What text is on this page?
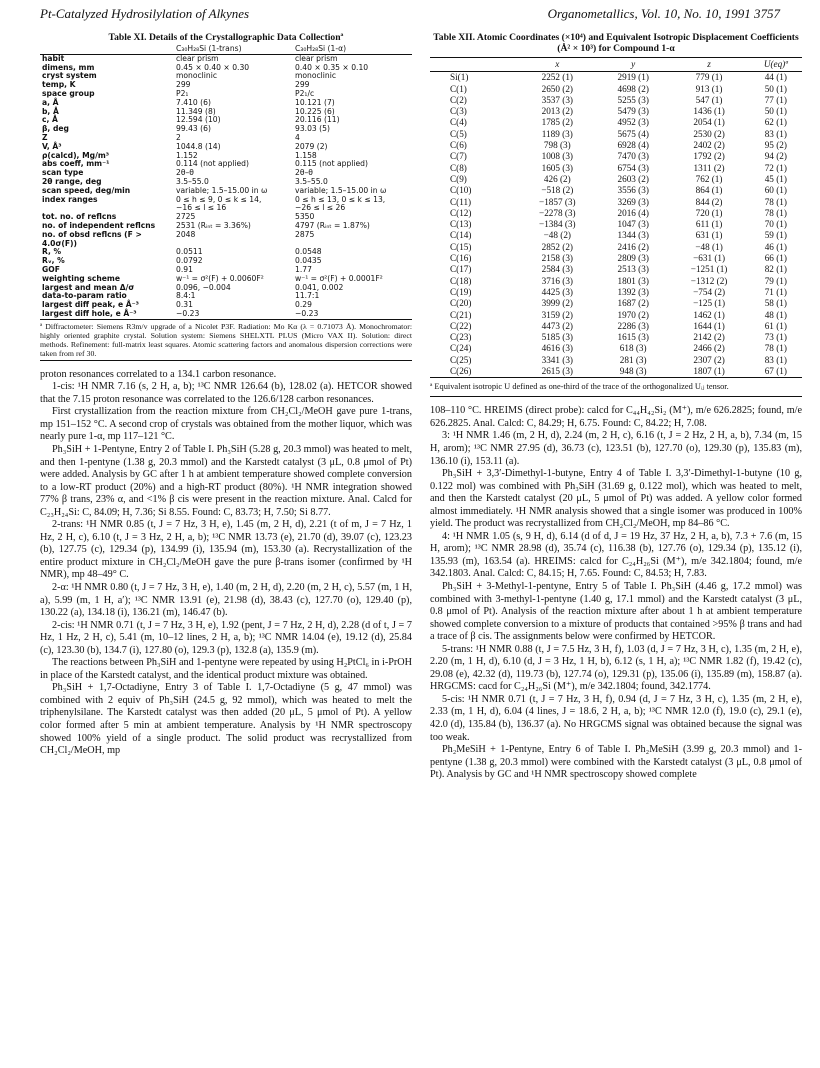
Pt-Catalyzed Hydrosilylation of Alkynes	Organometallics, Vol. 10, No. 10, 1991 3757
Table XI. Details of the Crystallographic Data Collectionª
	C₃₀H₂₈Si (1-trans)	C₃₀H₂₈Si (1-α)
habit	clear prism	clear prism
dimens, mm	0.45 × 0.40 × 0.30	0.40 × 0.35 × 0.10
cryst system	monoclinic	monoclinic
temp, K	299	299
space group	P2₁	P2₁/c
a, Å	7.410 (6)	10.121 (7)
b, Å	11.349 (8)	10.225 (6)
c, Å	12.594 (10)	20.116 (11)
β, deg	99.43 (6)	93.03 (5)
Z	2	4
V, Å³	1044.8 (14)	2079 (2)
ρ(calcd), Mg/m³	1.152	1.158
abs coeff, mm⁻¹	0.114 (not applied)	0.115 (not applied)
scan type	2θ–θ	2θ–θ
2θ range, deg	3.5–55.0	3.5–55.0
scan speed, deg/min	variable; 1.5–15.00 in ω	variable; 1.5–15.00 in ω
index ranges	0 ≤ h ≤ 9, 0 ≤ k ≤ 14,	0 ≤ h ≤ 13, 0 ≤ k ≤ 13,
	−16 ≤ l ≤ 16	−26 ≤ l ≤ 26
tot. no. of reflcns	2725	5350
no. of independent reflcns	2531 (Rᵢₙₜ = 3.36%)	4797 (Rᵢₙₜ = 1.87%)
no. of obsd reflcns (F > 4.0σ(F))	2048	2875
R, %	0.0511	0.0548
Rᵥ, %	0.0792	0.0435
GOF	0.91	1.77
weighting scheme	w⁻¹ = σ²(F) + 0.0060F²	w⁻¹ = σ²(F) + 0.0001F²
largest and mean Δ/σ	0.096, −0.004	0.041, 0.002
data-to-param ratio	8.4:1	11.7:1
largest diff peak, e Å⁻³	0.31	0.29
largest diff hole, e Å⁻³	−0.23	−0.23
ª Diffractometer: Siemens R3m/v upgrade of a Nicolet P3F. Radiation: Mo Kα (λ = 0.71073 Å). Monochromator: highly oriented graphite crystal. Solution system: Siemens SHELXTL PLUS (Micro VAX II). Solution: direct methods. Refinement: full-matrix least squares. Atomic scattering factors and anomalous dispersion corrections were taken from ref 30.

proton resonances correlated to a 134.1 carbon resonance.

1-cis: ¹H NMR 7.16 (s, 2 H, a, b); ¹³C NMR 126.64 (b), 128.02 (a). HETCOR showed that the 7.15 proton resonance was correlated to the 126.6/128 carbon resonances.

First crystallization from the reaction mixture from CH₂Cl₂/MeOH gave pure 1-trans, mp 151–152 °C. A second crop of crystals was obtained from the mother liquor, which was nearly pure 1-α, mp 117–121 °C.

Ph₃SiH + 1-Pentyne, Entry 2 of Table I. Ph₃SiH (5.28 g, 20.3 mmol) was heated to melt, and then 1-pentyne (1.38 g, 20.3 mmol) and the Karstedt catalyst (3 μL, 0.8 μmol of Pt) were added. Analysis by GC after 1 h at ambient temperature showed complete conversion to a low-RT product (20%) and a high-RT product (80%). ¹H NMR integration showed 77% β trans, 23% α, and <1% β cis were present in the reaction mixture. Anal. Calcd for C₂₃H₂₄Si: C, 84.09; H, 7.36; Si 8.55. Found: C, 83.73; H, 7.50; Si 8.77.

2-trans: ¹H NMR 0.85 (t, J = 7 Hz, 3 H, e), 1.45 (m, 2 H, d), 2.21 (t of m, J = 7 Hz, 1 Hz, 2 H, c), 6.10 (t, J = 3 Hz, 2 H, a, b); ¹³C NMR 13.73 (e), 21.70 (d), 39.07 (c), 123.23 (b), 127.75 (c), 129.34 (p), 134.99 (i), 135.94 (m), 153.30 (a). Recrystallization of the entire product mixture in CH₂Cl₂/MeOH gave the pure β-trans isomer (confirmed by ¹H NMR), mp 48–49° C.

2-α: ¹H NMR 0.80 (t, J = 7 Hz, 3 H, e), 1.40 (m, 2 H, d), 2.20 (m, 2 H, c), 5.57 (m, 1 H, a), 5.99 (m, 1 H, a′); ¹³C NMR 13.91 (e), 21.98 (d), 38.43 (c), 127.70 (o), 129.40 (p), 130.22 (a), 134.18 (i), 136.21 (m), 146.47 (b).

2-cis: ¹H NMR 0.71 (t, J = 7 Hz, 3 H, e), 1.92 (pent, J = 7 Hz, 2 H, d), 2.28 (d of t, J = 7 Hz, 1 Hz, 2 H, c), 5.41 (m, 10–12 lines, 2 H, a, b); ¹³C NMR 14.04 (e), 19.12 (d), 25.84 (c), 123.30 (b), 134.7 (i), 127.80 (o), 129.3 (p), 132.8 (a), 135.9 (m).

The reactions between Ph₃SiH and 1-pentyne were repeated by using H₂PtCl₆ in i-PrOH in place of the Karstedt catalyst, and the identical product mixture was obtained.

Ph₃SiH + 1,7-Octadiyne, Entry 3 of Table I. 1,7-Octadiyne (5 g, 47 mmol) was combined with 2 equiv of Ph₃SiH (24.5 g, 92 mmol), which was heated to melt the triphenylsilane. The Karstedt catalyst was then added (20 μL, 5 μmol of Pt). A yellow color formed after 5 min at ambient temperature. Analysis by ¹H NMR spectroscopy showed 100% yield of a single product. The solid product was recrystallized from CH₂Cl₂/MeOH, mp

Table XII. Atomic Coordinates (×10⁴) and Equivalent Isotropic Displacement Coefficients (Å² × 10³) for Compound 1-α
	x	y	z	U(eq)ª
Si(1)	2252 (1)	2919 (1)	779 (1)	44 (1)
C(1)	2650 (2)	4698 (2)	913 (1)	50 (1)
C(2)	3537 (3)	5255 (3)	547 (1)	77 (1)
C(3)	2013 (2)	5479 (3)	1436 (1)	50 (1)
C(4)	1785 (2)	4952 (3)	2054 (1)	62 (1)
C(5)	1189 (3)	5675 (4)	2530 (2)	83 (1)
C(6)	798 (3)	6928 (4)	2402 (2)	95 (2)
C(7)	1008 (3)	7470 (3)	1792 (2)	94 (2)
C(8)	1605 (3)	6754 (3)	1311 (2)	72 (1)
C(9)	426 (2)	2603 (2)	762 (1)	45 (1)
C(10)	−518 (2)	3556 (3)	864 (1)	60 (1)
C(11)	−1857 (3)	3269 (3)	844 (2)	78 (1)
C(12)	−2278 (3)	2016 (4)	720 (1)	78 (1)
C(13)	−1384 (3)	1047 (3)	611 (1)	70 (1)
C(14)	−48 (2)	1344 (3)	631 (1)	59 (1)
C(15)	2852 (2)	2416 (2)	−48 (1)	46 (1)
C(16)	2158 (3)	2809 (3)	−631 (1)	66 (1)
C(17)	2584 (3)	2513 (3)	−1251 (1)	82 (1)
C(18)	3716 (3)	1801 (3)	−1312 (2)	79 (1)
C(19)	4425 (3)	1392 (3)	−754 (2)	71 (1)
C(20)	3999 (2)	1687 (2)	−125 (1)	58 (1)
C(21)	3159 (2)	1970 (2)	1462 (1)	48 (1)
C(22)	4473 (2)	2286 (3)	1644 (1)	61 (1)
C(23)	5185 (3)	1615 (3)	2142 (2)	73 (1)
C(24)	4616 (3)	618 (3)	2466 (2)	78 (1)
C(25)	3341 (3)	281 (3)	2307 (2)	83 (1)
C(26)	2615 (3)	948 (3)	1807 (1)	67 (1)
ª Equivalent isotropic U defined as one-third of the trace of the orthogonalized Uᵢⱼ tensor.

108–110 °C. HREIMS (direct probe): calcd for C₄₄H₄₂Si₂ (M⁺), m/e 626.2825; found, m/e 626.2825. Anal. Calcd: C, 84.29; H, 6.75. Found: C, 84.22; H, 7.08.

3: ¹H NMR 1.46 (m, 2 H, d), 2.24 (m, 2 H, c), 6.16 (t, J = 2 Hz, 2 H, a, b), 7.34 (m, 15 H, arom); ¹³C NMR 27.95 (d), 36.73 (c), 123.51 (b), 127.70 (o), 129.30 (p), 135.83 (m), 136.10 (i), 153.11 (a).

Ph₃SiH + 3,3′-Dimethyl-1-butyne, Entry 4 of Table I. 3,3′-Dimethyl-1-butyne (10 g, 0.122 mol) was combined with Ph₃SiH (31.69 g, 0.122 mol), which was heated to melt, and then the Karstedt catalyst (20 μL, 5 μmol of Pt) was added. A yellow color formed almost immediately. ¹H NMR analysis showed that a single isomer was produced in 100% yield. The product was recrystallized from CH₂Cl₂/MeOH, mp 84–86 °C.

4: ¹H NMR 1.05 (s, 9 H, d), 6.14 (d of d, J = 19 Hz, 37 Hz, 2 H, a, b), 7.3 + 7.6 (m, 15 H, arom); ¹³C NMR 28.98 (d), 35.74 (c), 116.38 (b), 127.76 (o), 129.34 (p), 135.12 (i), 135.93 (m), 163.54 (a). HREIMS: calcd for C₂₄H₂₆Si (M⁺), m/e 342.1804; found, m/e 342.1803. Anal. Calcd: C, 84.15; H, 7.65. Found: C, 84.53; H, 7.83.

Ph₃SiH + 3-Methyl-1-pentyne, Entry 5 of Table I. Ph₃SiH (4.46 g, 17.2 mmol) was combined with 3-methyl-1-pentyne (1.40 g, 17.1 mmol) and the Karstedt catalyst (3 μL, 0.8 μmol of Pt). Analysis of the reaction mixture after about 1 h at ambient temperature showed complete conversion to a mixture of products that contained >95% β trans and had a trace of β cis. The assignments below were confirmed by HETCOR.

5-trans: ¹H NMR 0.88 (t, J = 7.5 Hz, 3 H, f), 1.03 (d, J = 7 Hz, 3 H, c), 1.35 (m, 2 H, e), 2.20 (m, 1 H, d), 6.10 (d, J = 3 Hz, 1 H, b), 6.12 (s, 1 H, a); ¹³C NMR 1.82 (f), 19.42 (c), 29.08 (e), 42.32 (d), 119.73 (b), 127.74 (o), 129.31 (p), 135.06 (i), 135.89 (m), 158.87 (a). HRGCMS: cacd for C₂₄H₂₆Si (M⁺), m/e 342.1804; found, 342.1774.

5-cis: ¹H NMR 0.71 (t, J = 7 Hz, 3 H, f), 0.94 (d, J = 7 Hz, 3 H, c), 1.35 (m, 2 H, e), 2.33 (m, 1 H, d), 6.04 (4 lines, J = 18.6, 2 H, a, b); ¹³C NMR 12.0 (f), 19.0 (c), 29.1 (e), 42.0 (d), 135.84 (b), 136.37 (a). No HRGCMS signal was obtained because the signal was too weak.

Ph₂MeSiH + 1-Pentyne, Entry 6 of Table I. Ph₂MeSiH (3.99 g, 20.3 mmol) and 1-pentyne (1.38 g, 20.3 mmol) were combined with the Karstedt catalyst (3 μL, 0.8 μmol of Pt). Analysis by GC and ¹H NMR spectroscopy showed complete
